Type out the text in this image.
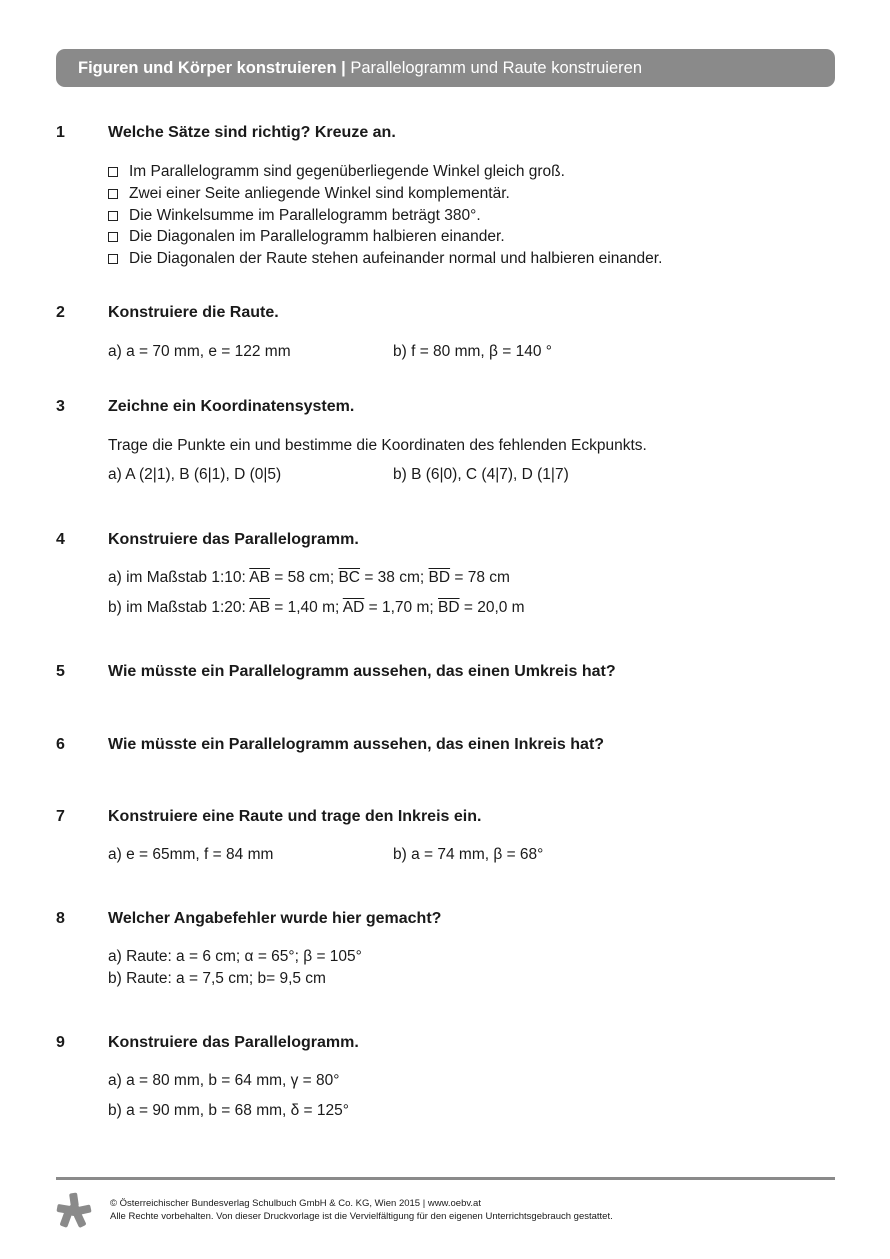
Figuren und Körper konstruieren | Parallelogramm und Raute konstruieren
1	Welche Sätze sind richtig? Kreuze an.
Im Parallelogramm sind gegenüberliegende Winkel gleich groß.
Zwei einer Seite anliegende Winkel sind komplementär.
Die Winkelsumme im Parallelogramm beträgt 380°.
Die Diagonalen im Parallelogramm halbieren einander.
Die Diagonalen der Raute stehen aufeinander normal und halbieren einander.
2	Konstruiere die Raute.
a) a = 70 mm, e = 122 mm	b) f = 80 mm, β = 140 °
3	Zeichne ein Koordinatensystem.
Trage die Punkte ein und bestimme die Koordinaten des fehlenden Eckpunkts.
a) A (2|1), B (6|1), D (0|5)	b) B (6|0), C (4|7), D (1|7)
4	Konstruiere das Parallelogramm.
a) im Maßstab 1:10: $\overline{AB} = 58$ cm; $\overline{BC} = 38$ cm; $\overline{BD} = 78$ cm
b) im Maßstab 1:20: $\overline{AB} = 1,40$ m; $\overline{AD} = 1,70$ m; $\overline{BD} = 20,0$ m
5	Wie müsste ein Parallelogramm aussehen, das einen Umkreis hat?
6	Wie müsste ein Parallelogramm aussehen, das einen Inkreis hat?
7	Konstruiere eine Raute und trage den Inkreis ein.
a) e = 65mm, f = 84 mm	b) a = 74 mm, β = 68°
8	Welcher Angabefehler wurde hier gemacht?
a) Raute: a = 6 cm; α = 65°; β = 105°
b) Raute: a = 7,5 cm; b= 9,5 cm
9	Konstruiere das Parallelogramm.
a) a = 80 mm, b = 64 mm, γ = 80°
b) a = 90 mm, b = 68 mm, δ = 125°
© Österreichischer Bundesverlag Schulbuch GmbH & Co. KG, Wien 2015 | www.oebv.at
Alle Rechte vorbehalten. Von dieser Druckvorlage ist die Vervielfältigung für den eigenen Unterrichtsgebrauch gestattet.
